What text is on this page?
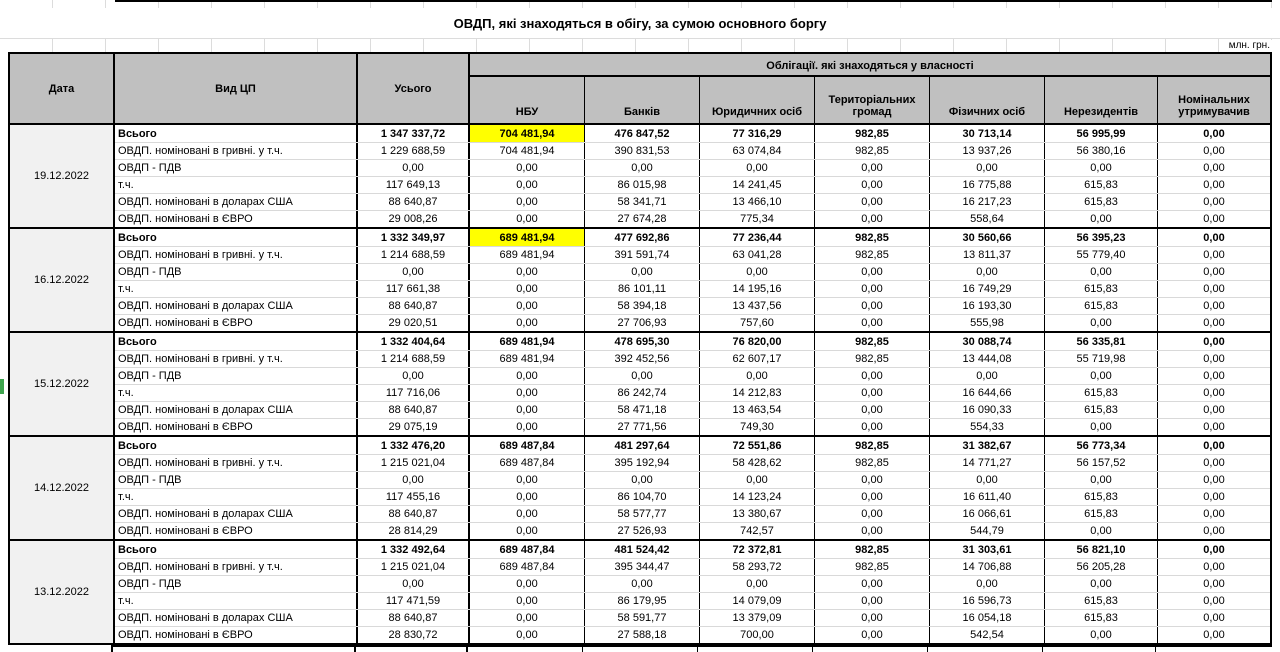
ОВДП, які знаходяться в обігу, за сумою основного боргу
млн. грн.
Дата	Вид ЦП	Усього
Облігації. які знаходяться у власності
НБУ	Банків	Юридичних осіб
Територіальних громад	Фізичних осіб	Нерезидентів
Номінальних утримувачив
19.12.2022
Всього	1 347 337,72	704 481,94	476 847,52	77 316,29	982,85	30 713,14	56 995,99	0,00
ОВДП. номіновані в гривні. у т.ч.	1 229 688,59	704 481,94	390 831,53	63 074,84	982,85	13 937,26	56 380,16	0,00
ОВДП - ПДВ	0,00	0,00	0,00	0,00	0,00	0,00	0,00	0,00
т.ч.	117 649,13	0,00	86 015,98	14 241,45	0,00	16 775,88	615,83	0,00
ОВДП. номіновані в доларах США	88 640,87	0,00	58 341,71	13 466,10	0,00	16 217,23	615,83	0,00
ОВДП. номіновані в ЄВРО	29 008,26	0,00	27 674,28	775,34	0,00	558,64	0,00	0,00
16.12.2022
Всього	1 332 349,97	689 481,94	477 692,86	77 236,44	982,85	30 560,66	56 395,23	0,00
ОВДП. номіновані в гривні. у т.ч.	1 214 688,59	689 481,94	391 591,74	63 041,28	982,85	13 811,37	55 779,40	0,00
ОВДП - ПДВ	0,00	0,00	0,00	0,00	0,00	0,00	0,00	0,00
т.ч.	117 661,38	0,00	86 101,11	14 195,16	0,00	16 749,29	615,83	0,00
ОВДП. номіновані в доларах США	88 640,87	0,00	58 394,18	13 437,56	0,00	16 193,30	615,83	0,00
ОВДП. номіновані в ЄВРО	29 020,51	0,00	27 706,93	757,60	0,00	555,98	0,00	0,00
15.12.2022
Всього	1 332 404,64	689 481,94	478 695,30	76 820,00	982,85	30 088,74	56 335,81	0,00
ОВДП. номіновані в гривні. у т.ч.	1 214 688,59	689 481,94	392 452,56	62 607,17	982,85	13 444,08	55 719,98	0,00
ОВДП - ПДВ	0,00	0,00	0,00	0,00	0,00	0,00	0,00	0,00
т.ч.	117 716,06	0,00	86 242,74	14 212,83	0,00	16 644,66	615,83	0,00
ОВДП. номіновані в доларах США	88 640,87	0,00	58 471,18	13 463,54	0,00	16 090,33	615,83	0,00
ОВДП. номіновані в ЄВРО	29 075,19	0,00	27 771,56	749,30	0,00	554,33	0,00	0,00
14.12.2022
Всього	1 332 476,20	689 487,84	481 297,64	72 551,86	982,85	31 382,67	56 773,34	0,00
ОВДП. номіновані в гривні. у т.ч.	1 215 021,04	689 487,84	395 192,94	58 428,62	982,85	14 771,27	56 157,52	0,00
ОВДП - ПДВ	0,00	0,00	0,00	0,00	0,00	0,00	0,00	0,00
т.ч.	117 455,16	0,00	86 104,70	14 123,24	0,00	16 611,40	615,83	0,00
ОВДП. номіновані в доларах США	88 640,87	0,00	58 577,77	13 380,67	0,00	16 066,61	615,83	0,00
ОВДП. номіновані в ЄВРО	28 814,29	0,00	27 526,93	742,57	0,00	544,79	0,00	0,00
13.12.2022
Всього	1 332 492,64	689 487,84	481 524,42	72 372,81	982,85	31 303,61	56 821,10	0,00
ОВДП. номіновані в гривні. у т.ч.	1 215 021,04	689 487,84	395 344,47	58 293,72	982,85	14 706,88	56 205,28	0,00
ОВДП - ПДВ	0,00	0,00	0,00	0,00	0,00	0,00	0,00	0,00
т.ч.	117 471,59	0,00	86 179,95	14 079,09	0,00	16 596,73	615,83	0,00
ОВДП. номіновані в доларах США	88 640,87	0,00	58 591,77	13 379,09	0,00	16 054,18	615,83	0,00
ОВДП. номіновані в ЄВРО	28 830,72	0,00	27 588,18	700,00	0,00	542,54	0,00	0,00
